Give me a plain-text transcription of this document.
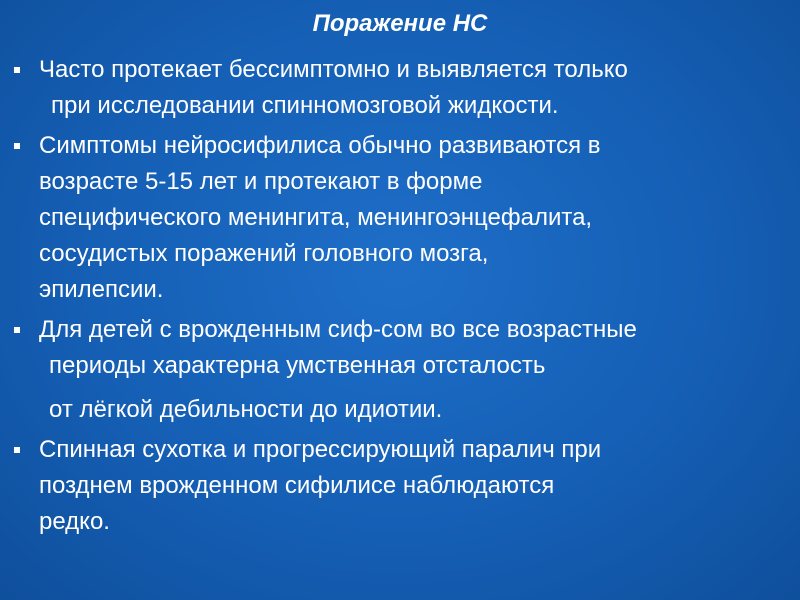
Поражение НС
Часто протекает бессимптомно и выявляется только
при исследовании спинномозговой жидкости.
Симптомы нейросифилиса обычно развиваются в
возрасте 5-15 лет и протекают в форме
специфического менингита, менингоэнцефалита,
сосудистых поражений головного мозга,
эпилепсии.
Для детей с врожденным сиф-сом во все возрастные
периоды характерна умственная отсталость
от лёгкой дебильности до идиотии.
Спинная сухотка и прогрессирующий паралич при
позднем врожденном сифилисе наблюдаются
редко.
